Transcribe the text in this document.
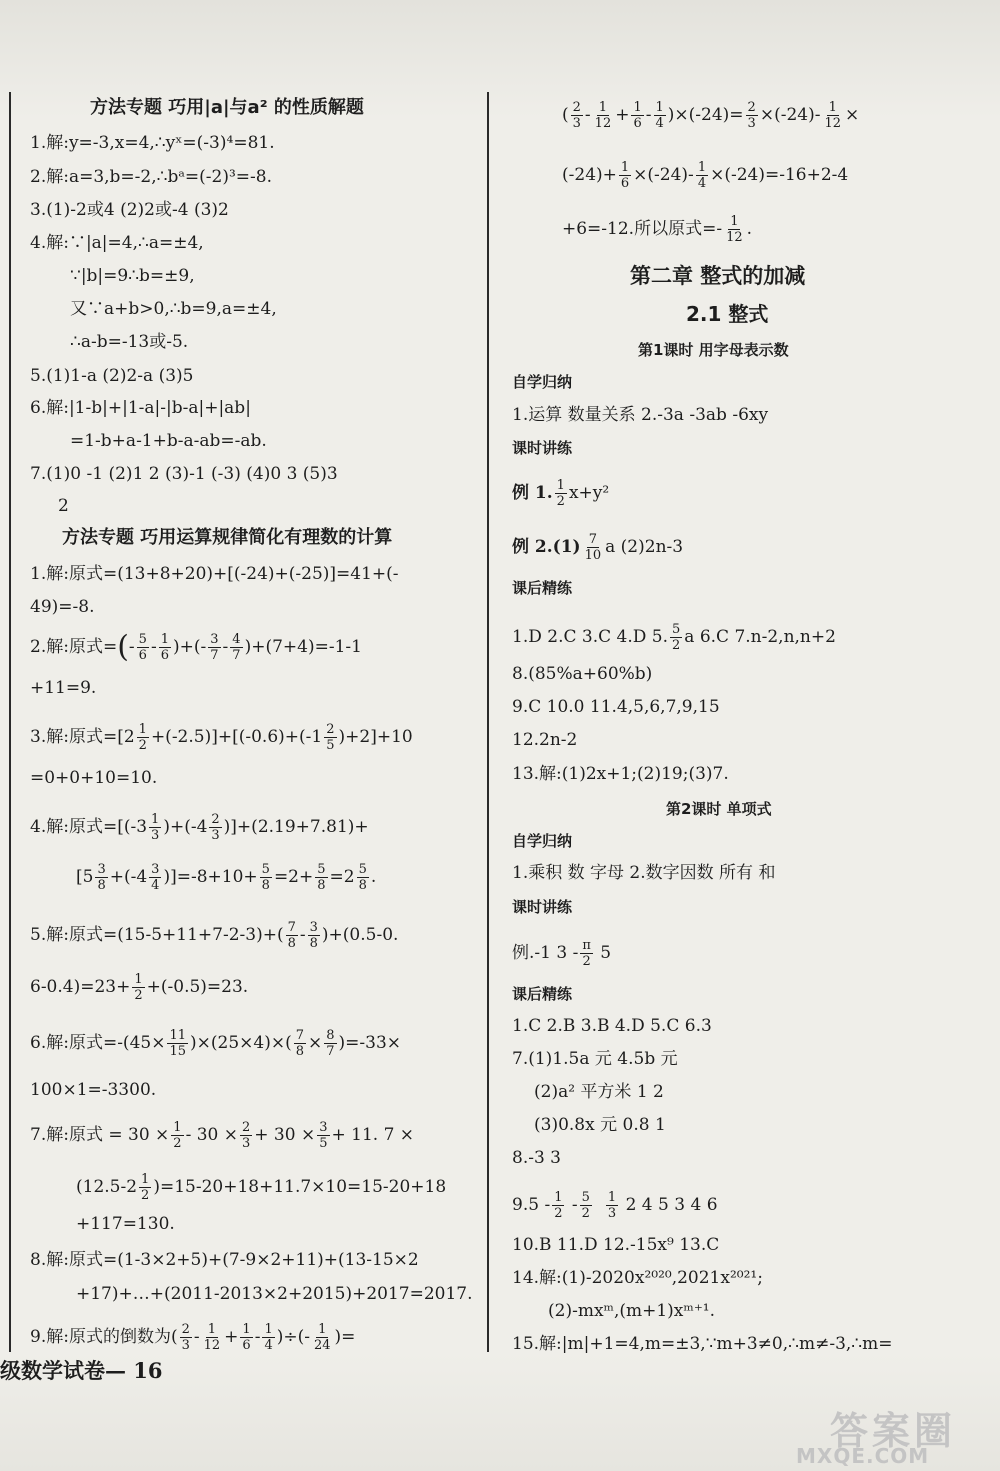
方法专题 巧用|a|与a² 的性质解题
1.解:y=-3,x=4,∴yˣ=(-3)⁴=81.
2.解:a=3,b=-2,∴bᵃ=(-2)³=-8.
3.(1)-2或4 (2)2或-4 (3)2
4.解:∵|a|=4,∴a=±4,
∵|b|=9∴b=±9,
又∵a+b>0,∴b=9,a=±4,
∴a-b=-13或-5.
5.(1)1-a (2)2-a (3)5
6.解:|1-b|+|1-a|-|b-a|+|ab|
=1-b+a-1+b-a-ab=-ab.
7.(1)0 -1 (2)1 2 (3)-1 (-3) (4)0 3 (5)3
2
方法专题 巧用运算规律简化有理数的计算
1.解:原式=(13+8+20)+[(-24)+(-25)]=41+(-
49)=-8.
2.解:原式=(- $\frac{5}{6} - \frac{1}{6}$ )+(- $\frac{3}{7} - \frac{4}{7} )+(7+4)=-1-1$
+11=9.
3.解:原式$=[2 \frac{1}{2} +(-2.5)]+[(-0.6)+(-1 \frac{2}{5} )+2]+10$
=0+0+10=10.
4.解:原式$=[(-3 \frac{1}{3} )+(-4 \frac{2}{3} )]+(2.19+7.81)+$
$[5 \frac{3}{8} +(-4 \frac{3}{4} )]=-8+10+ \frac{5}{8} =2+ \frac{5}{8} =2 \frac{5}{8}$ .
5.解:原式$=(15-5+11+7-2-3)+( \frac{7}{8} - \frac{3}{8} )+(0.5-0$.
$6-0.4)=23+ \frac{1}{2} +(-0.5)=23$.
6.解:原式$=-(45\times \frac{11}{15} )\times(25\times 4)\times( \frac{7}{8} \times \frac{8}{7} )=-33\times$
100×1=-3300.
7.解:原式 = $30 \times \frac{1}{2} - 30 \times \frac{2}{3} + 30 \times \frac{3}{5} + 11$. 7 ×
$(12.5-2 \frac{1}{2} )=15-20+18+11.7\times 10=15-20+18$
+117=130.
8.解:原式=(1-3×2+5)+(7-9×2+11)+(13-15×2
+17)+…+(2011-2013×2+2015)+2017=2017.
9.解:原式的倒数为( $\frac{2}{3} - \frac{1}{12} + \frac{1}{6} - \frac{1}{4}$ )÷(- $\frac{1}{24}$ )=
( $\frac{2}{3} - \frac{1}{12} + \frac{1}{6} - \frac{1}{4} )\times(-24)= \frac{2}{3} \times(-24)- \frac{1}{12}$ ×
$(-24)+ \frac{1}{6} \times(-24)- \frac{1}{4} \times(-24)=-16+2-4$
+6=-12.所以原式=- $\frac{1}{12}$ .
第二章 整式的加减
2.1 整式
第1课时 用字母表示数
自学归纳
1.运算 数量关系 2.-3a -3ab -6xy
课时讲练
例 1. $\frac{1}{2} x+y^2$
例 $2.(1) \frac{7}{10}$ a (2)2n-3
课后精练
1.D 2.C 3.C 4.D 5. $\frac{5}{2}$ a 6.C 7.n-2,n,n+2
8.(85%a+60%b)
9.C 10.0 11.4,5,6,7,9,15
12.2n-2
13.解:(1)2x+1;(2)19;(3)7.
第2课时 单项式
自学归纳
1.乘积 数 字母 2.数字因数 所有 和
课时讲练
例.-1 $3 - \frac{\pi}{2} 5$
课后精练
1.C 2.B 3.B 4.D 5.C 6.3
7.(1)1.5a 元 4.5b 元
(2)a² 平方米 1 2
(3)0.8x 元 0.8 1
8.-3 3
$9.5 - \frac{1}{2} - \frac{5}{2} \frac{1}{3} 2$ 4 5 3 4 6
10.B 11.D 12.-15x⁹ 13.C
14.解:(1)-2020x²⁰²⁰,2021x²⁰²¹;
(2)-mxᵐ,(m+1)xᵐ⁺¹.
15.解:|m|+1=4,m=±3,∵m+3≠0,∴m≠-3,∴m=
级数学试卷— 16
答案圈
MXQE.COM
